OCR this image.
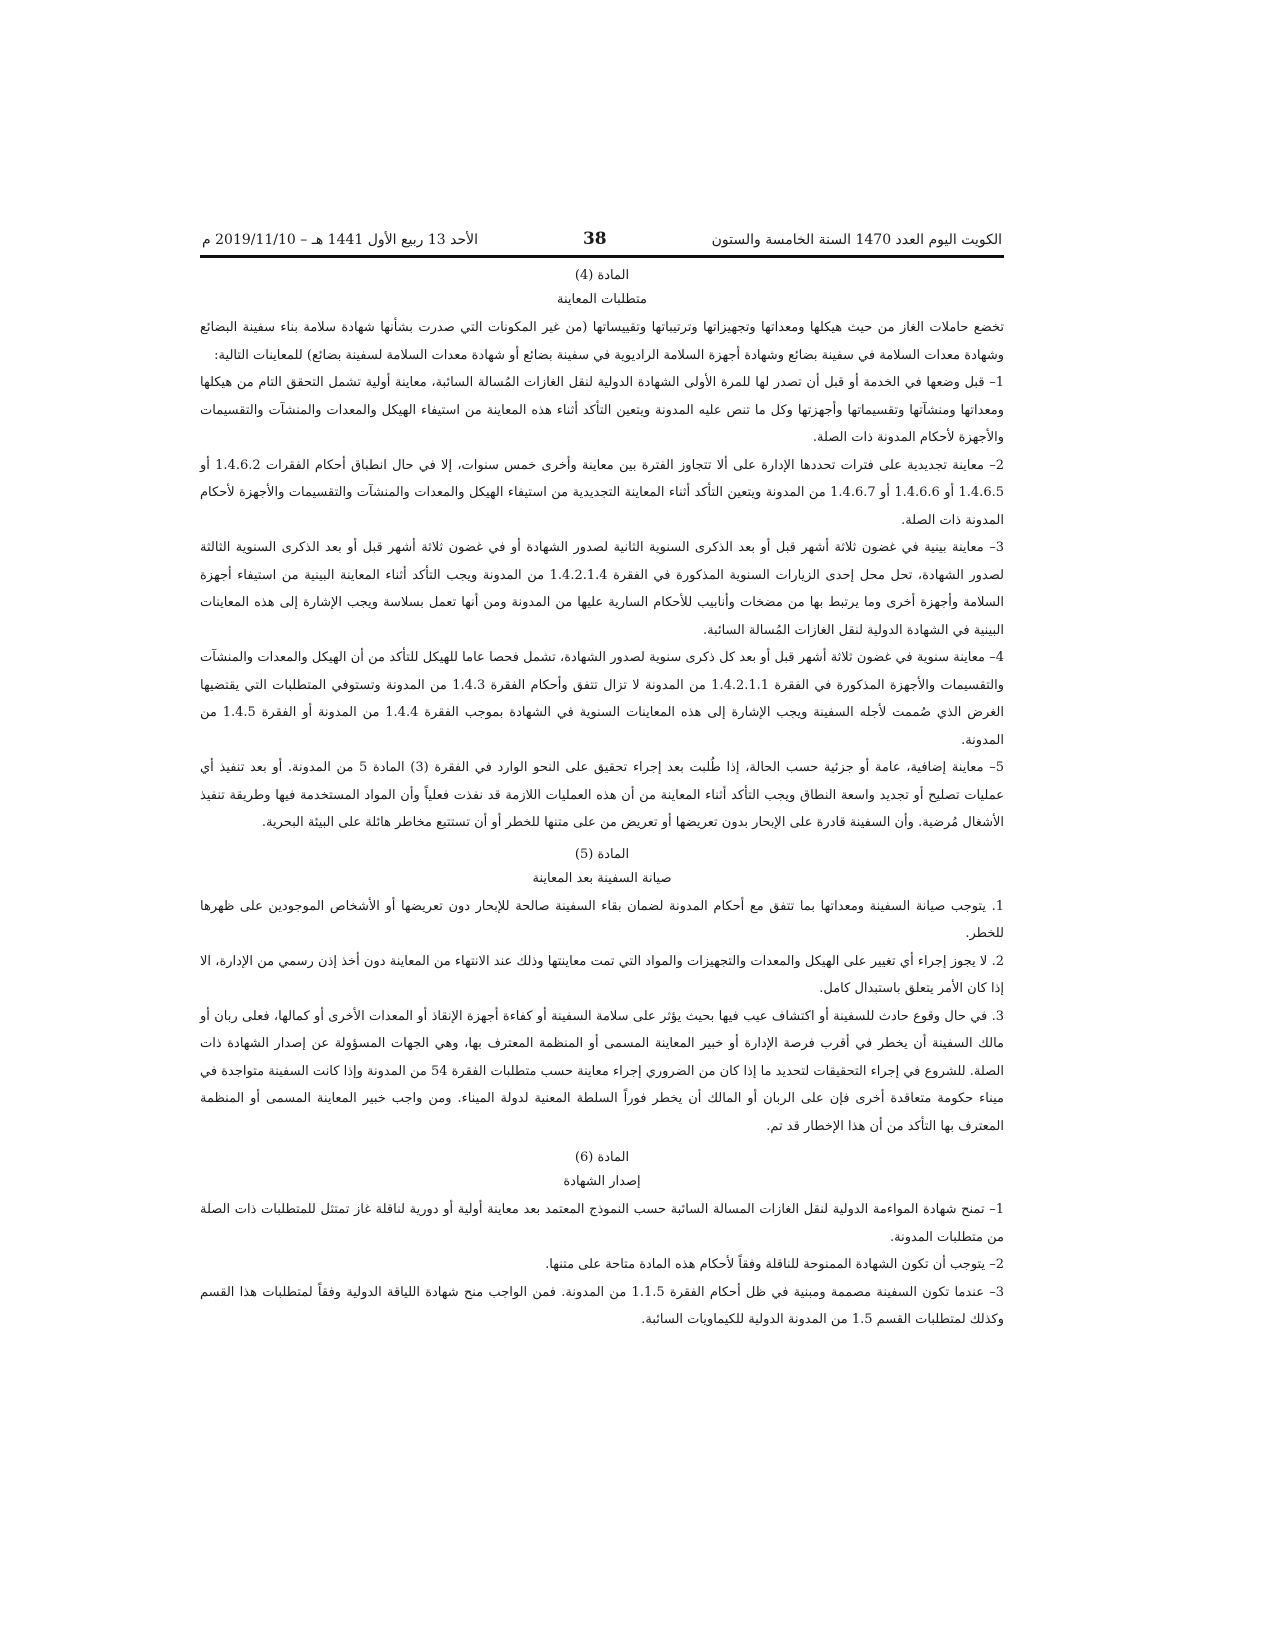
الكويت اليوم العدد 1470 السنة الخامسة والستون
38
الأحد 13 ربيع الأول 1441 هـ – 2019/11/10 م
المادة (4)
متطلبات المعاينة

تخضع حاملات الغاز من حيث هيكلها ومعداتها وتجهيزاتها وترتيباتها وتقييساتها (من غير المكونات التي صدرت بشأنها شهادة سلامة بناء سفينة البضائع وشهادة معدات السلامة في سفينة بضائع وشهادة أجهزة السلامة الراديوية في سفينة بضائع أو شهادة معدات السلامة لسفينة بضائع) للمعاينات التالية:

1– قبل وضعها في الخدمة أو قبل أن تصدر لها للمرة الأولى الشهادة الدولية لنقل الغازات المُسالة السائبة، معاينة أولية تشمل التحقق التام من هيكلها ومعداتها ومنشآتها وتقسيماتها وأجهزتها وكل ما تنص عليه المدونة ويتعين التأكد أثناء هذه المعاينة من استيفاء الهيكل والمعدات والمنشآت والتقسيمات والأجهزة لأحكام المدونة ذات الصلة.

2– معاينة تجديدية على فترات تحددها الإدارة على ألا تتجاوز الفترة بين معاينة وأخرى خمس سنوات، إلا في حال انطباق أحكام الفقرات 1.4.6.2 أو 1.4.6.5 أو 1.4.6.6 أو 1.4.6.7 من المدونة ويتعين التأكد أثناء المعاينة التجديدية من استيفاء الهيكل والمعدات والمنشآت والتقسيمات والأجهزة لأحكام المدونة ذات الصلة.

3– معاينة بينية في غضون ثلاثة أشهر قبل أو بعد الذكرى السنوية الثانية لصدور الشهادة أو في غضون ثلاثة أشهر قبل أو بعد الذكرى السنوية الثالثة لصدور الشهادة، تحل محل إحدى الزيارات السنوية المذكورة في الفقرة 1.4.2.1.4 من المدونة ويجب التأكد أثناء المعاينة البينية من استيفاء أجهزة السلامة وأجهزة أخرى وما يرتبط بها من مضخات وأنابيب للأحكام السارية عليها من المدونة ومن أنها تعمل بسلاسة ويجب الإشارة إلى هذه المعاينات البينية في الشهادة الدولية لنقل الغازات المُسالة السائبة.

4– معاينة سنوية في غضون ثلاثة أشهر قبل أو بعد كل ذكرى سنوية لصدور الشهادة، تشمل فحصا عاما للهيكل للتأكد من أن الهيكل والمعدات والمنشآت والتقسيمات والأجهزة المذكورة في الفقرة 1.4.2.1.1 من المدونة لا تزال تتفق وأحكام الفقرة 1.4.3 من المدونة وتستوفي المتطلبات التي يقتضيها الغرض الذي صُممت لأجله السفينة ويجب الإشارة إلى هذه المعاينات السنوية في الشهادة بموجب الفقرة 1.4.4 من المدونة أو الفقرة 1.4.5 من المدونة.

5– معاينة إضافية، عامة أو جزئية حسب الحالة، إذا طُلبت بعد إجراء تحقيق على النحو الوارد في الفقرة (3) المادة 5 من المدونة. أو بعد تنفيذ أي عمليات تصليح أو تجديد واسعة النطاق ويجب التأكد أثناء المعاينة من أن هذه العمليات اللازمة قد نفذت فعلياً وأن المواد المستخدمة فيها وطريقة تنفيذ الأشغال مُرضية. وأن السفينة قادرة على الإبحار بدون تعريضها أو تعريض من على متنها للخطر أو أن تستتبع مخاطر هائلة على البيئة البحرية.

المادة (5)
صيانة السفينة بعد المعاينة

1. يتوجب صيانة السفينة ومعداتها بما تتفق مع أحكام المدونة لضمان بقاء السفينة صالحة للإبحار دون تعريضها أو الأشخاص الموجودين على ظهرها للخطر.

2. لا يجوز إجراء أي تغيير على الهيكل والمعدات والتجهيزات والمواد التي تمت معاينتها وذلك عند الانتهاء من المعاينة دون أخذ إذن رسمي من الإدارة، الا إذا كان الأمر يتعلق باستبدال كامل.

3. في حال وقوع حادث للسفينة أو اكتشاف عيب فيها بحيث يؤثر على سلامة السفينة أو كفاءة أجهزة الإنقاذ أو المعدات الأخرى أو كمالها، فعلى ربان أو مالك السفينة أن يخطر في أقرب فرصة الإدارة أو خبير المعاينة المسمى أو المنظمة المعترف بها، وهي الجهات المسؤولة عن إصدار الشهادة ذات الصلة. للشروع في إجراء التحقيقات لتحديد ما إذا كان من الضروري إجراء معاينة حسب متطلبات الفقرة 54 من المدونة وإذا كانت السفينة متواجدة في ميناء حكومة متعاقدة أخرى فإن على الربان أو المالك أن يخطر فوراً السلطة المعنية لدولة الميناء. ومن واجب خبير المعاينة المسمى أو المنظمة المعترف بها التأكد من أن هذا الإخطار قد تم.

المادة (6)
إصدار الشهادة

1– تمنح شهادة المواءمة الدولية لنقل الغازات المسالة السائبة حسب النموذج المعتمد بعد معاينة أولية أو دورية لناقلة غاز تمتثل للمتطلبات ذات الصلة من متطلبات المدونة.

2– يتوجب أن تكون الشهادة الممنوحة للناقلة وفقاً لأحكام هذه المادة متاحة على متنها.

3– عندما تكون السفينة مصممة ومبنية في ظل أحكام الفقرة 1.1.5 من المدونة. فمن الواجب منح شهادة اللياقة الدولية وفقاً لمتطلبات هذا القسم وكذلك لمتطلبات القسم 1.5 من المدونة الدولية للكيماويات السائبة.
